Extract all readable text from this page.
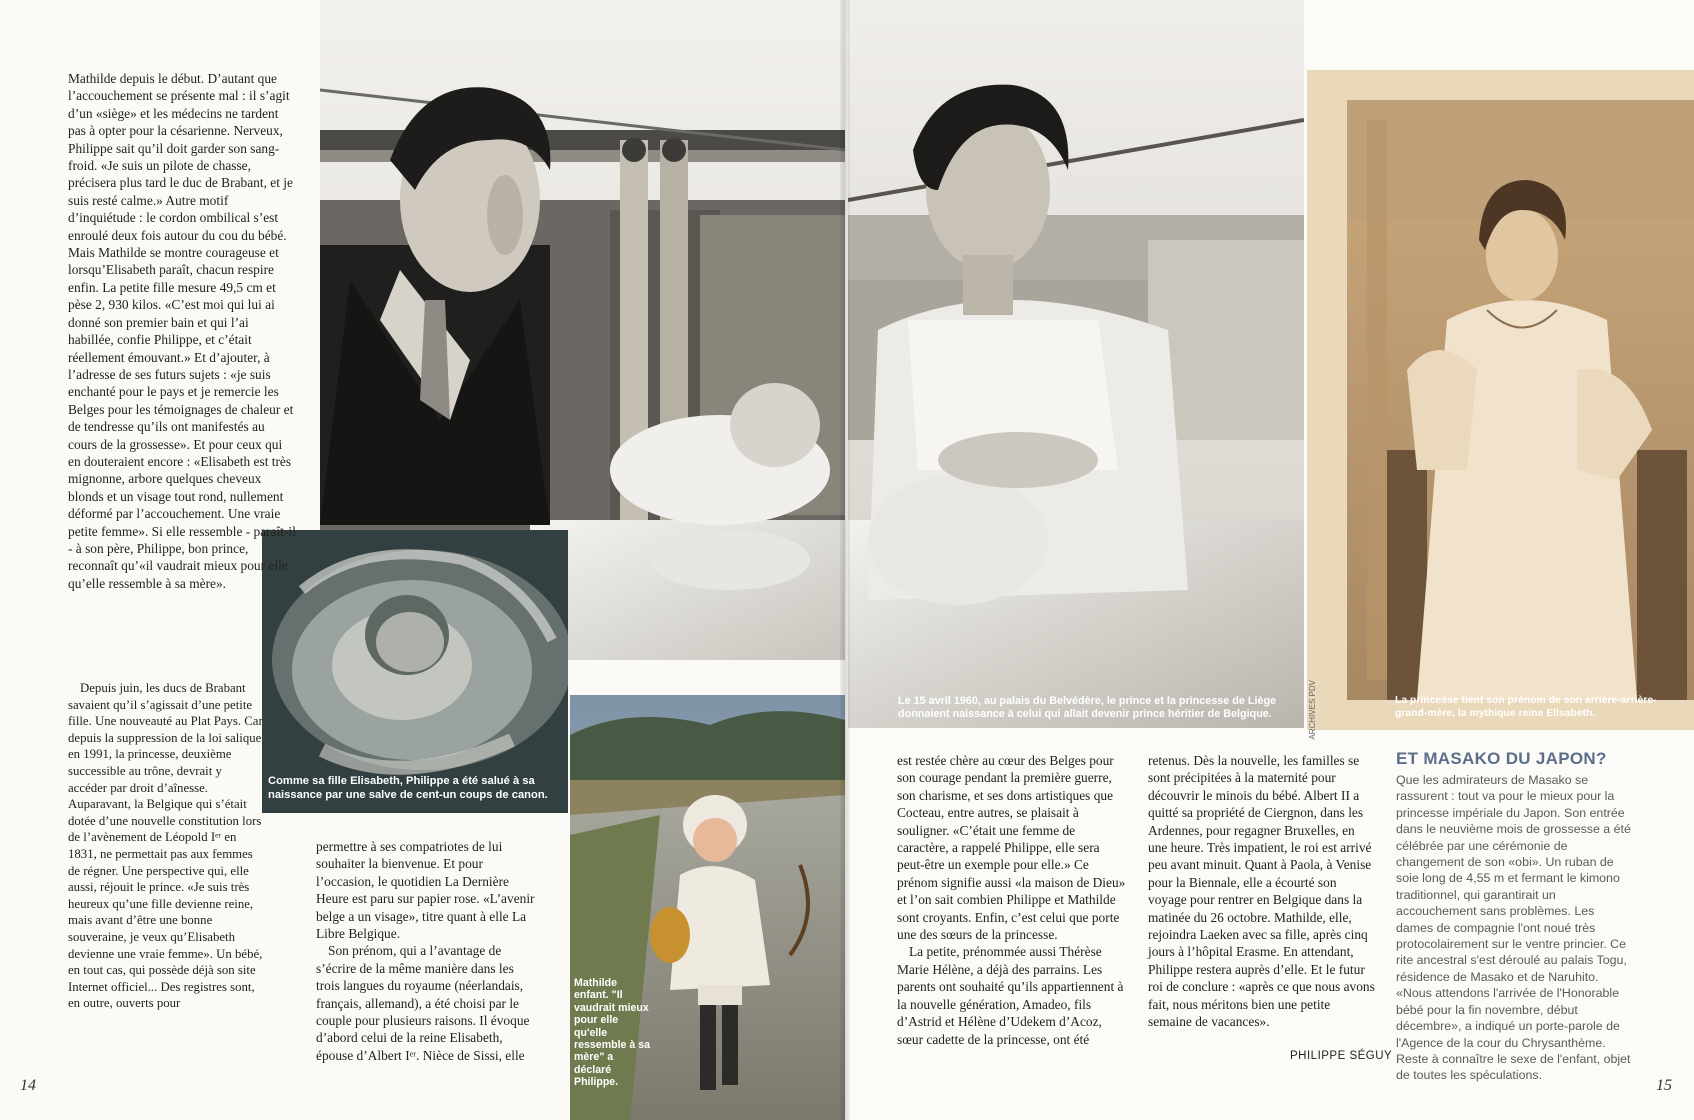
Comme sa fille Elisabeth, Philippe a été salué à sa naissance par une salve de cent-un coups de canon.
Mathilde enfant. "Il vaudrait mieux pour elle qu'elle ressemble à sa mère" a déclaré Philippe.
Le 15 avril 1960, au palais du Belvédère, le prince et la princesse de Liège donnaient naissance à celui qui allait devenir prince héritier de Belgique.
La princesse tient son prénom de son arrière-arrière-grand-mère, la mythique reine Elisabeth.
ARCHIVES PDV

Mathilde depuis le début. D’autant que l’accouchement se présente mal : il s’agit d’un «siège» et les médecins ne tardent pas à opter pour la césarienne. Nerveux, Philippe sait qu’il doit garder son sang-froid. «Je suis un pilote de chasse, précisera plus tard le duc de Brabant, et je suis resté calme.» Autre motif d’inquiétude : le cordon ombilical s’est enroulé deux fois autour du cou du bébé. Mais Mathilde se montre courageuse et lorsqu’Elisabeth paraît, chacun respire enfin. La petite fille mesure 49,5 cm et pèse 2, 930 kilos. «C’est moi qui lui ai donné son premier bain et qui l’ai habillée, confie Philippe, et c’était réellement émouvant.» Et d’ajouter, à l’adresse de ses futurs sujets : «je suis enchanté pour le pays et je remercie les Belges pour les témoignages de chaleur et de tendresse qu’ils ont manifestés au cours de la grossesse». Et pour ceux qui en douteraient encore : «Elisabeth est très mignonne, arbore quelques cheveux blonds et un visage tout rond, nullement déformé par l’accouchement. Une vraie petite femme». Si elle ressemble - paraît-il - à son père, Philippe, bon prince, reconnaît qu’«il vaudrait mieux pour elle qu’elle ressemble à sa mère».

Depuis juin, les ducs de Brabant savaient qu’il s’agissait d’une petite fille. Une nouveauté au Plat Pays. Car depuis la suppression de la loi salique en 1991, la princesse, deuxième successible au trône, devrait y accéder par droit d’aînesse. Auparavant, la Belgique qui s’était dotée d’une nouvelle constitution lors de l’avènement de Léopold Iᵉʳ en 1831, ne permettait pas aux femmes de régner. Une perspective qui, elle aussi, réjouit le prince. «Je suis très heureux qu’une fille devienne reine, mais avant d’être une bonne souveraine, je veux qu’Elisabeth devienne une vraie femme». Un bébé, en tout cas, qui possède déjà son site Internet officiel... Des registres sont, en outre, ouverts pour

permettre à ses compatriotes de lui souhaiter la bienvenue. Et pour l’occasion, le quotidien La Dernière Heure est paru sur papier rose. «L’avenir belge a un visage», titre quant à elle La Libre Belgique.

Son prénom, qui a l’avantage de s’écrire de la même manière dans les trois langues du royaume (néerlandais, français, allemand), a été choisi par le couple pour plusieurs raisons. Il évoque d’abord celui de la reine Elisabeth, épouse d’Albert Iᵉʳ. Nièce de Sissi, elle

14

est restée chère au cœur des Belges pour son courage pendant la première guerre, son charisme, et ses dons artistiques que Cocteau, entre autres, se plaisait à souligner. «C’était une femme de caractère, a rappelé Philippe, elle sera peut-être un exemple pour elle.» Ce prénom signifie aussi «la maison de Dieu» et l’on sait combien Philippe et Mathilde sont croyants. Enfin, c’est celui que porte une des sœurs de la princesse.

La petite, prénommée aussi Thérèse Marie Hélène, a déjà des parrains. Les parents ont souhaité qu’ils appartiennent à la nouvelle génération, Amadeo, fils d’Astrid et Hélène d’Udekem d’Acoz, sœur cadette de la princesse, ont été

retenus. Dès la nouvelle, les familles se sont précipitées à la maternité pour découvrir le minois du bébé. Albert II a quitté sa propriété de Ciergnon, dans les Ardennes, pour regagner Bruxelles, en une heure. Très impatient, le roi est arrivé peu avant minuit. Quant à Paola, à Venise pour la Biennale, elle a écourté son voyage pour rentrer en Belgique dans la matinée du 26 octobre. Mathilde, elle, rejoindra Laeken avec sa fille, après cinq jours à l’hôpital Erasme. En attendant, Philippe restera auprès d’elle. Et le futur roi de conclure : «après ce que nous avons fait, nous méritons bien une petite semaine de vacances».

PHILIPPE SÉGUY
ET MASAKO DU JAPON?
Que les admirateurs de Masako se rassurent : tout va pour le mieux pour la princesse impériale du Japon. Son entrée dans le neuvième mois de grossesse a été célébrée par une cérémonie de changement de son «obi». Un ruban de soie long de 4,55 m et fermant le kimono traditionnel, qui garantirait un accouchement sans problèmes. Les dames de compagnie l'ont noué très protocolairement sur le ventre princier. Ce rite ancestral s'est déroulé au palais Togu, résidence de Masako et de Naruhito. «Nous attendons l'arrivée de l'Honorable bébé pour la fin novembre, début décembre», a indiqué un porte-parole de l'Agence de la cour du Chrysanthème. Reste à connaître le sexe de l'enfant, objet de toutes les spéculations.
15
